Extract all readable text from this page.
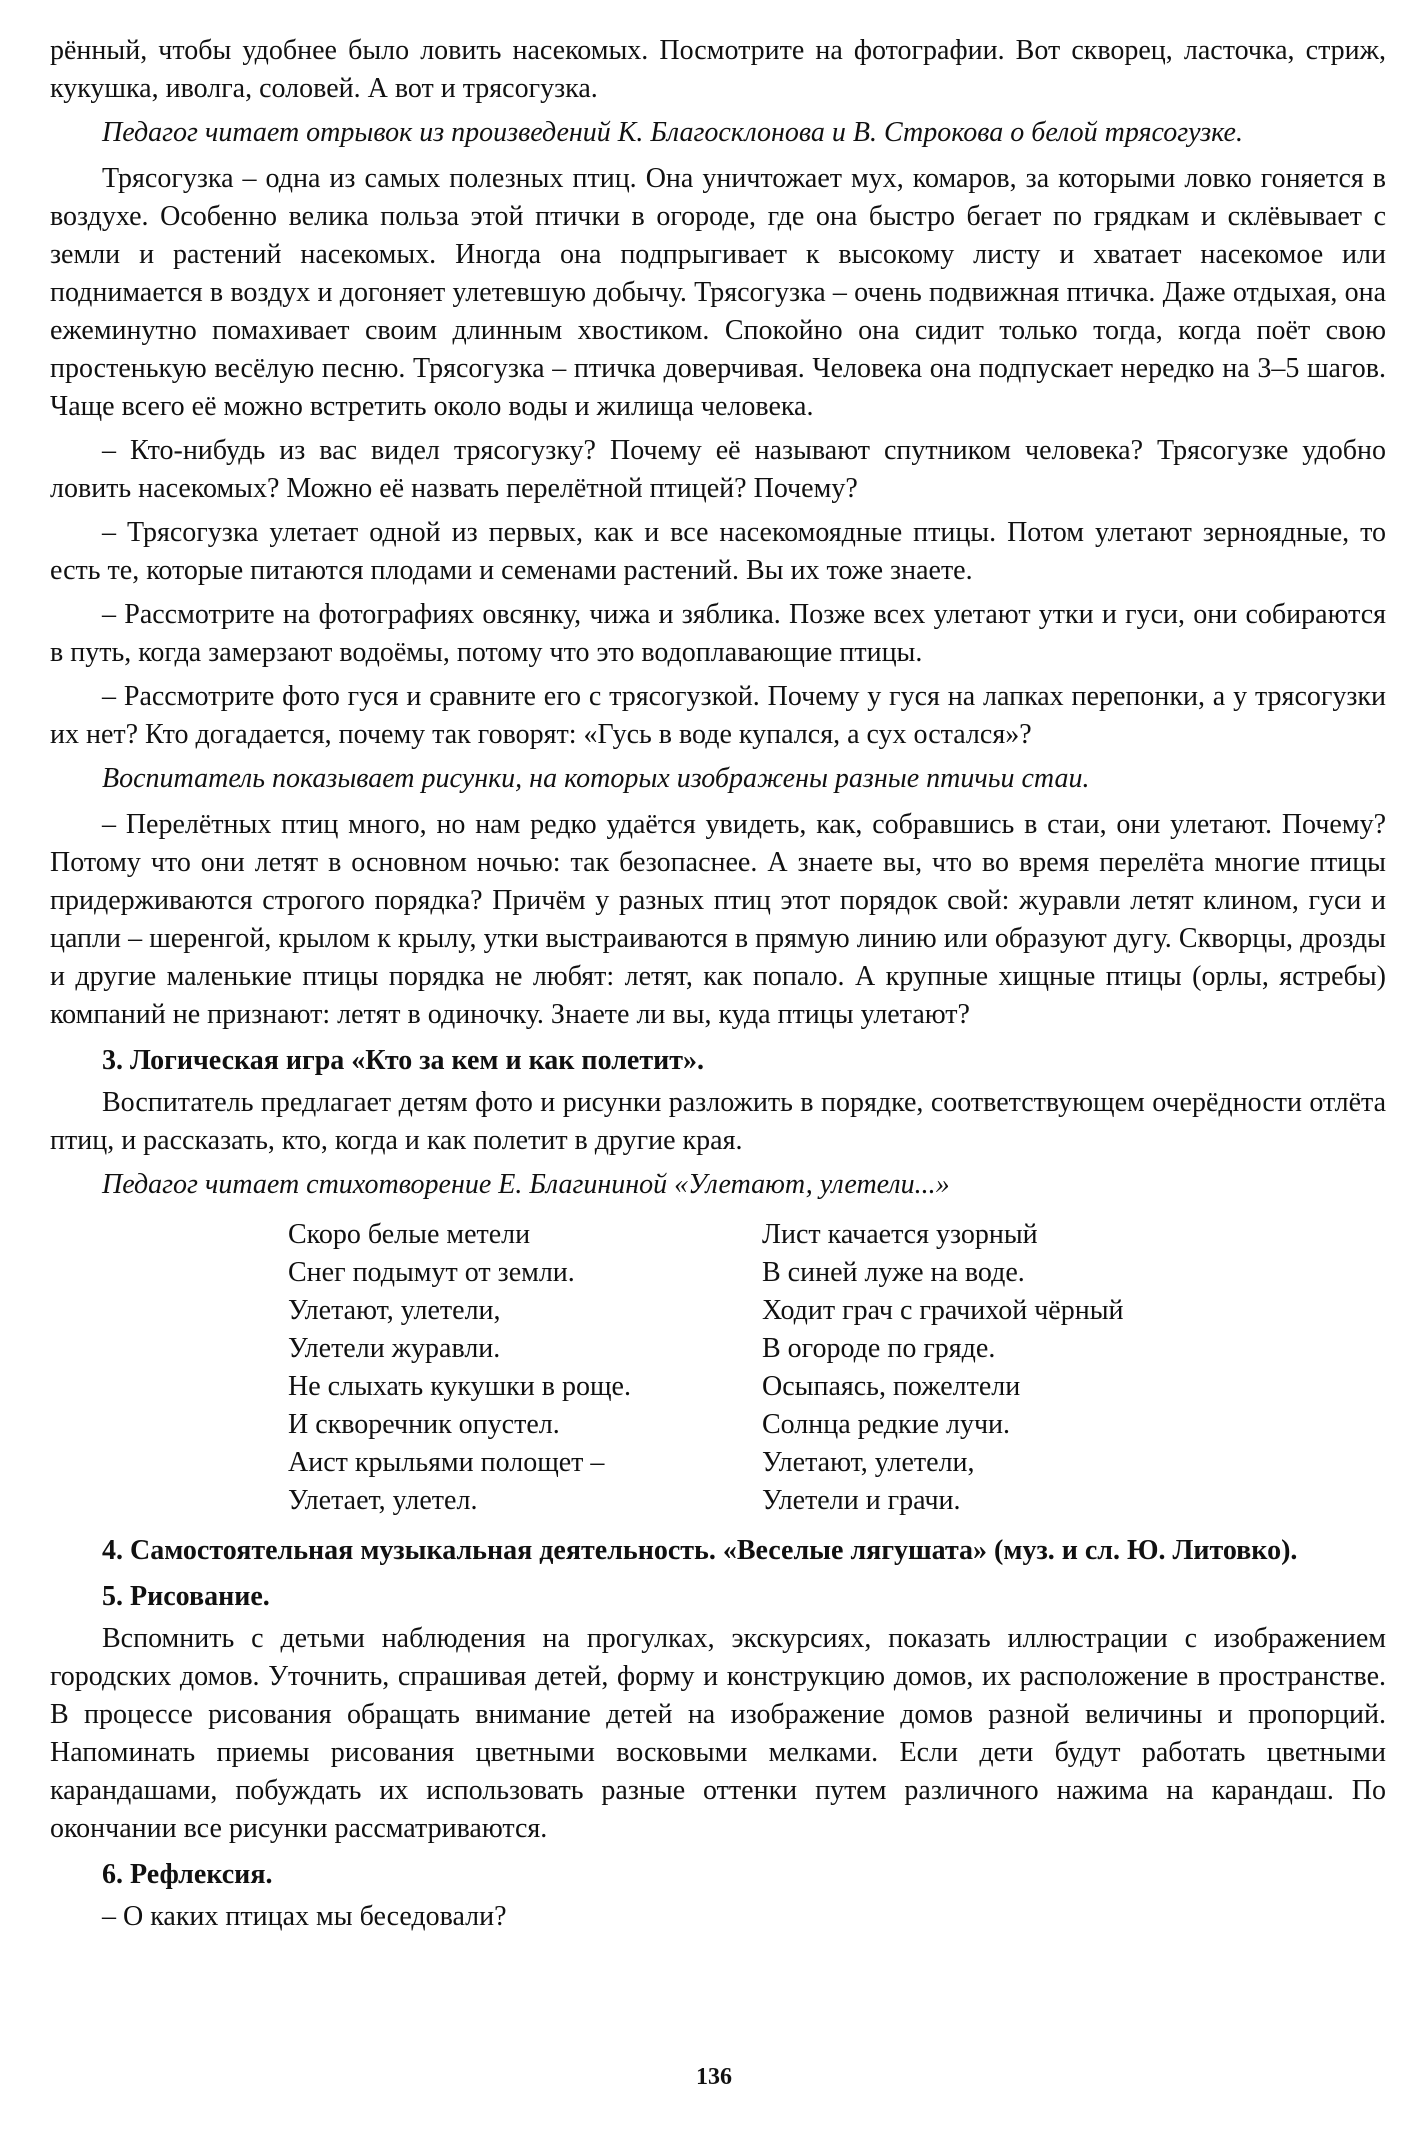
рённый, чтобы удобнее было ловить насекомых. Посмотрите на фотографии. Вот скворец, ласточка, стриж, кукушка, иволга, соловей. А вот и трясогузка.

Педагог читает отрывок из произведений К. Благосклонова и В. Строкова о белой трясогузке.

Трясогузка – одна из самых полезных птиц. Она уничтожает мух, комаров, за которыми ловко гоняется в воздухе. Особенно велика польза этой птички в огороде, где она быстро бегает по грядкам и склёвывает с земли и растений насекомых. Иногда она подпрыгивает к высокому листу и хватает насекомое или поднимается в воздух и догоняет улетевшую добычу. Трясогузка – очень подвижная птичка. Даже отдыхая, она ежеминутно помахивает своим длинным хвостиком. Спокойно она сидит только тогда, когда поёт свою простенькую весёлую песню. Трясогузка – птичка доверчивая. Человека она подпускает нередко на 3–5 шагов. Чаще всего её можно встретить около воды и жилища человека.

– Кто-нибудь из вас видел трясогузку? Почему её называют спутником человека? Трясогузке удобно ловить насекомых? Можно её назвать перелётной птицей? Почему?

– Трясогузка улетает одной из первых, как и все насекомоядные птицы. Потом улетают зерноядные, то есть те, которые питаются плодами и семенами растений. Вы их тоже знаете.

– Рассмотрите на фотографиях овсянку, чижа и зяблика. Позже всех улетают утки и гуси, они собираются в путь, когда замерзают водоёмы, потому что это водоплавающие птицы.

– Рассмотрите фото гуся и сравните его с трясогузкой. Почему у гуся на лапках перепонки, а у трясогузки их нет? Кто догадается, почему так говорят: «Гусь в воде купался, а сух остался»?

Воспитатель показывает рисунки, на которых изображены разные птичьи стаи.

– Перелётных птиц много, но нам редко удаётся увидеть, как, собравшись в стаи, они улетают. Почему? Потому что они летят в основном ночью: так безопаснее. А знаете вы, что во время перелёта многие птицы придерживаются строгого порядка? Причём у разных птиц этот порядок свой: журавли летят клином, гуси и цапли – шеренгой, крылом к крылу, утки выстраиваются в прямую линию или образуют дугу. Скворцы, дрозды и другие маленькие птицы порядка не любят: летят, как попало. А крупные хищные птицы (орлы, ястребы) компаний не признают: летят в одиночку. Знаете ли вы, куда птицы улетают?

3. Логическая игра «Кто за кем и как полетит».

Воспитатель предлагает детям фото и рисунки разложить в порядке, соответствующем очерёдности отлёта птиц, и рассказать, кто, когда и как полетит в другие края.

Педагог читает стихотворение Е. Благининой «Улетают, улетели...»

Скоро белые метели
Снег подымут от земли.
Улетают, улетели,
Улетели журавли.
Не слыхать кукушки в роще.
И скворечник опустел.
Аист крыльями полощет –
Улетает, улетел.
Лист качается узорный
В синей луже на воде.
Ходит грач с грачихой чёрный
В огороде по гряде.
Осыпаясь, пожелтели
Солнца редкие лучи.
Улетают, улетели,
Улетели и грачи.

4. Самостоятельная музыкальная деятельность. «Веселые лягушата» (муз. и сл. Ю. Литовко).

5. Рисование.

Вспомнить с детьми наблюдения на прогулках, экскурсиях, показать иллюстрации с изображением городских домов. Уточнить, спрашивая детей, форму и конструкцию домов, их расположение в пространстве. В процессе рисования обращать внимание детей на изображение домов разной величины и пропорций. Напоминать приемы рисования цветными восковыми мелками. Если дети будут работать цветными карандашами, побуждать их использовать разные оттенки путем различного нажима на карандаш. По окончании все рисунки рассматриваются.

6. Рефлексия.

– О каких птицах мы беседовали?

136
